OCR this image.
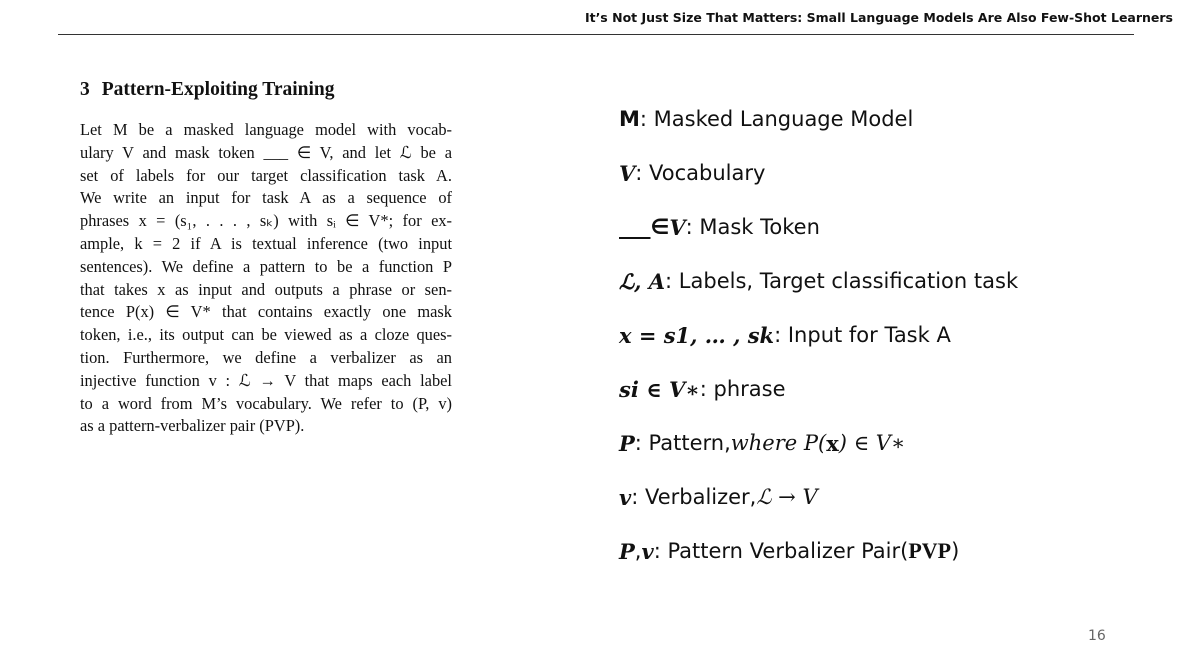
It’s Not Just Size That Matters: Small Language Models Are Also Few-Shot Learners
3 Pattern-Exploiting Training
Let M be a masked language model with vocab-
ulary V and mask token ___ ∈ V, and let ℒ be a
set of labels for our target classification task A.
We write an input for task A as a sequence of
phrases x = (s₁, . . . , sₖ) with sᵢ ∈ V*; for ex-
ample, k = 2 if A is textual inference (two input
sentences). We define a pattern to be a function P
that takes x as input and outputs a phrase or sen-
tence P(x) ∈ V* that contains exactly one mask
token, i.e., its output can be viewed as a cloze ques-
tion. Furthermore, we define a verbalizer as an
injective function v : ℒ → V that maps each label
to a word from M’s vocabulary. We refer to (P, v)
as a pattern-verbalizer pair (PVP).
M : Masked Language Model
V : Vocabulary
___ ∈ V : Mask Token
ℒ, A : Labels, Target classification task
x = s1, … , sk : Input for Task A
si ∈ V∗ : phrase
P : Pattern, where P( x ) ∈ V∗
v : Verbalizer, ℒ → V
P , v : Pattern Verbalizer Pair( PVP )
16
